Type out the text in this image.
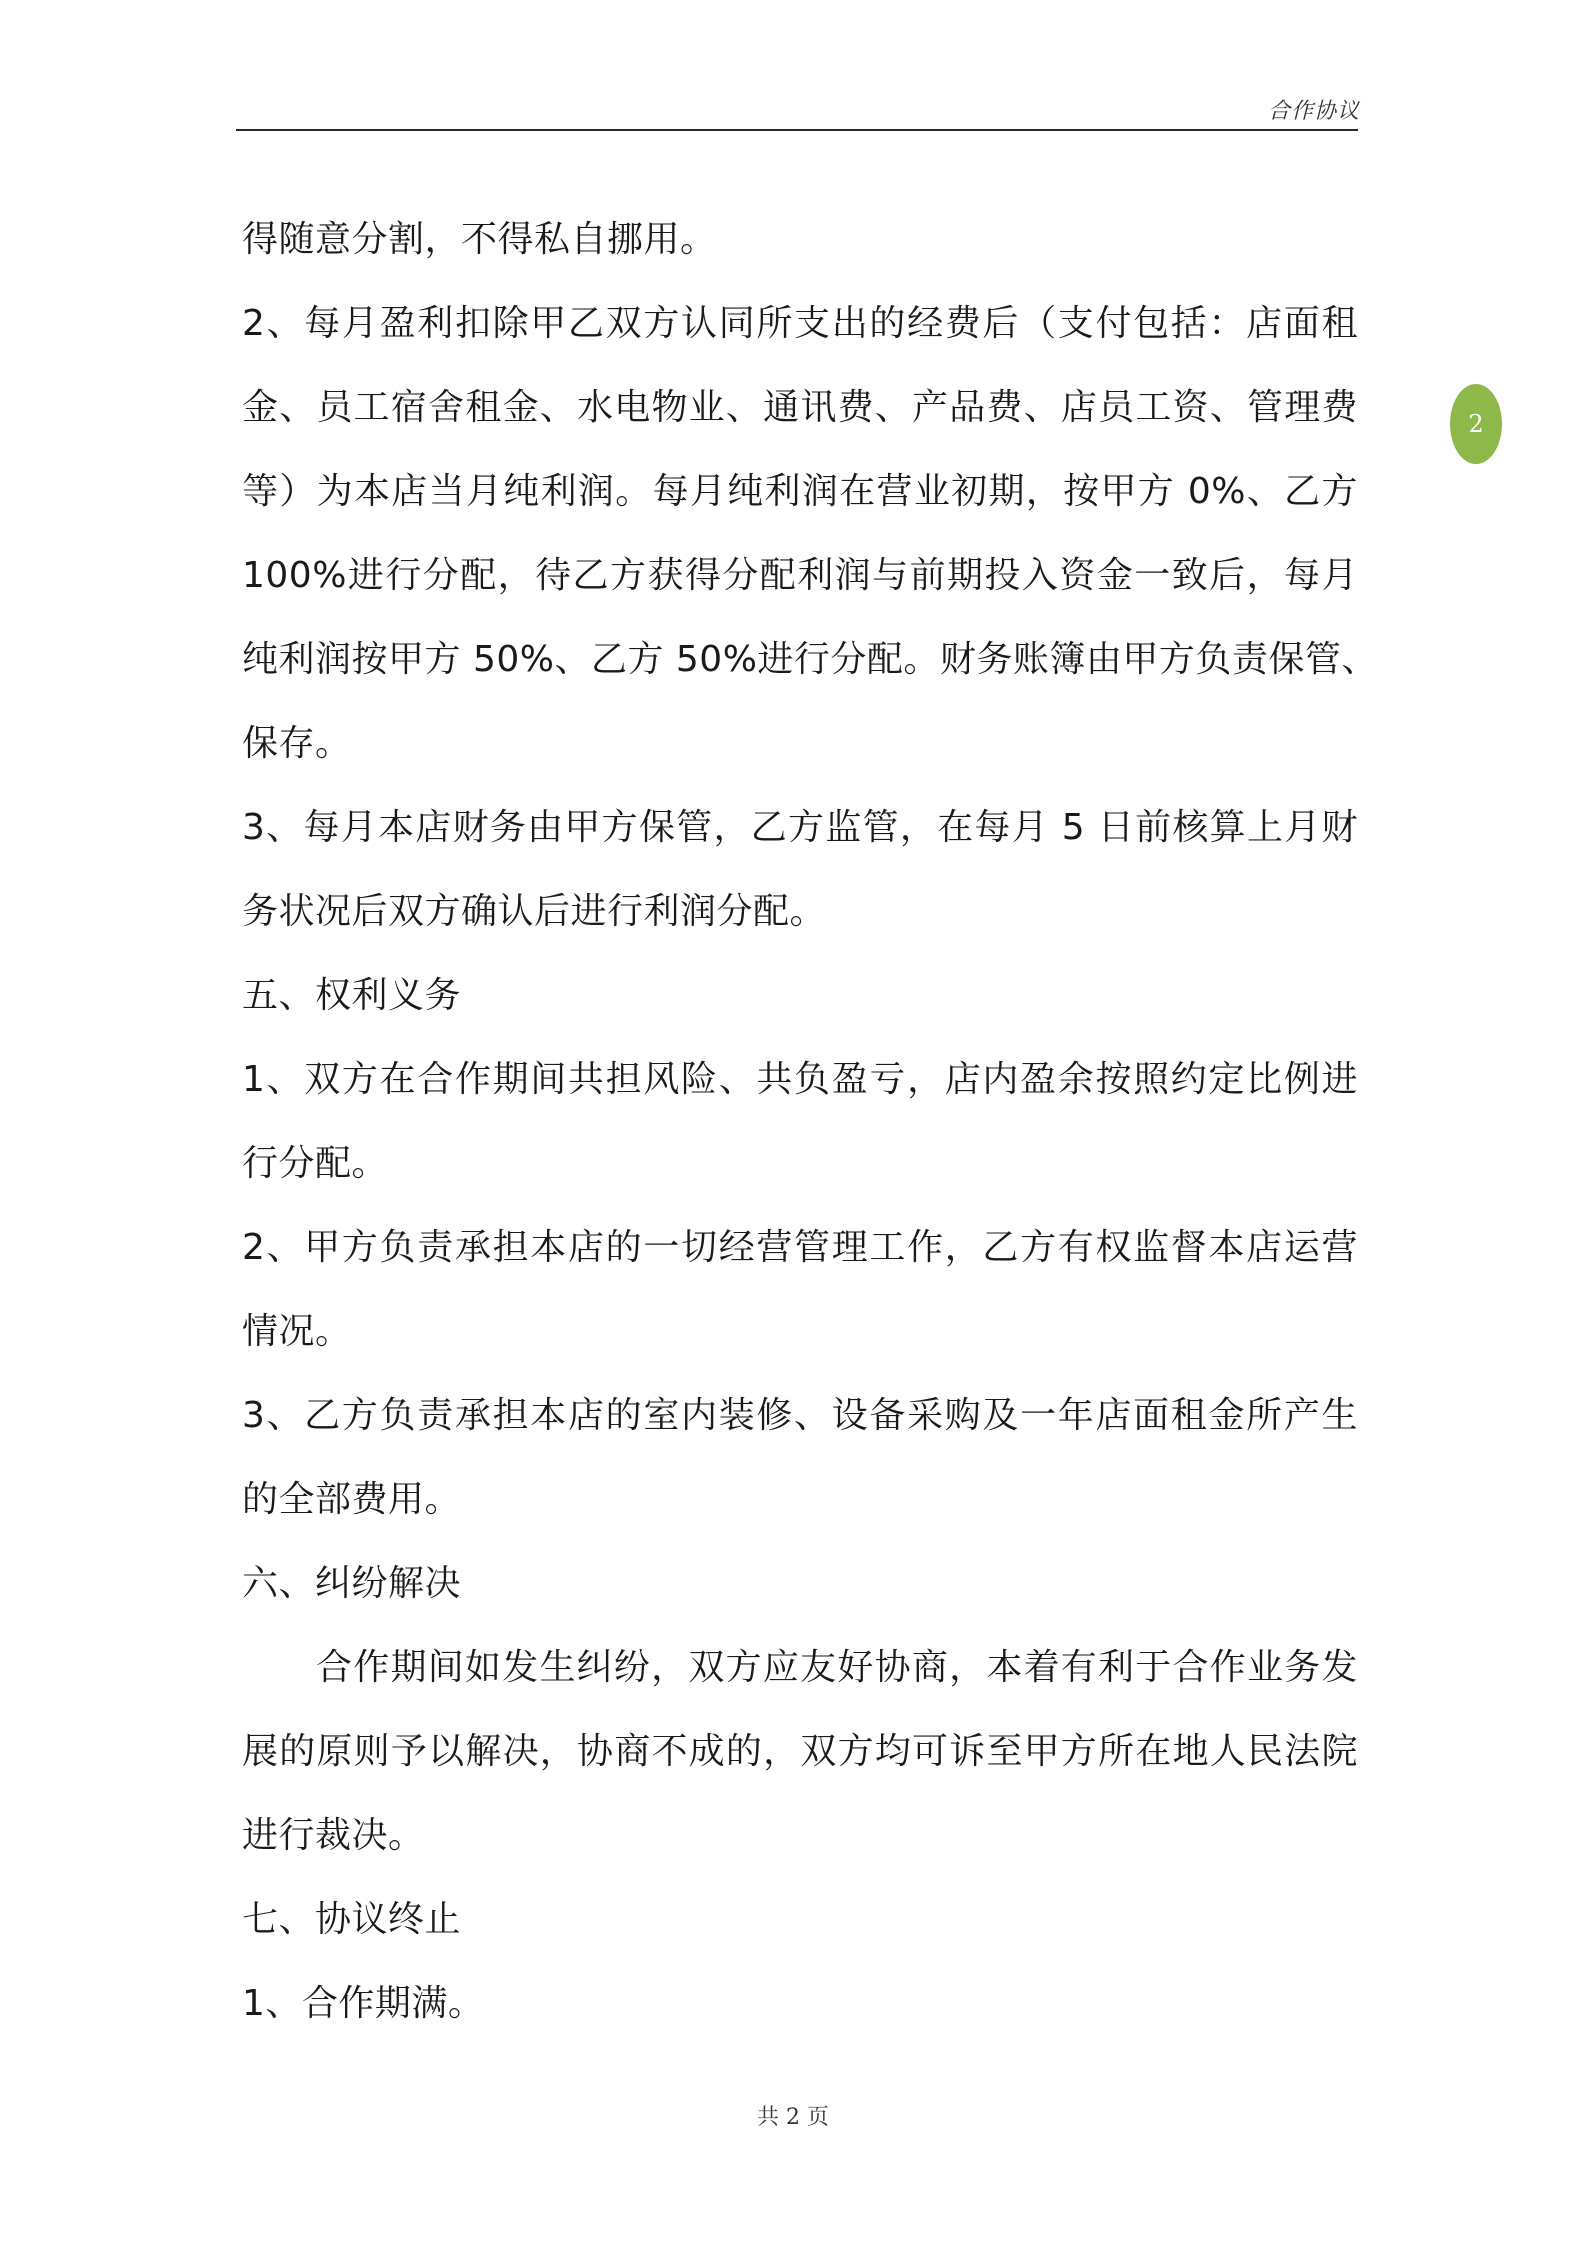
合作协议
2
得随意分割，不得私自挪用。
2、每月盈利扣除甲乙双方认同所支出的经费后（支付包括：店面租
金、员工宿舍租金、水电物业、通讯费、产品费、店员工资、管理费
等）为本店当月纯利润。每月纯利润在营业初期，按甲方 0%、乙方
100%进行分配，待乙方获得分配利润与前期投入资金一致后，每月
纯利润按甲方 50%、乙方 50%进行分配。财务账簿由甲方负责保管、
保存。
3、每月本店财务由甲方保管，乙方监管，在每月 5 日前核算上月财
务状况后双方确认后进行利润分配。
五、权利义务
1、双方在合作期间共担风险、共负盈亏，店内盈余按照约定比例进
行分配。
2、甲方负责承担本店的一切经营管理工作，乙方有权监督本店运营
情况。
3、乙方负责承担本店的室内装修、设备采购及一年店面租金所产生
的全部费用。
六、纠纷解决
合作期间如发生纠纷，双方应友好协商，本着有利于合作业务发
展的原则予以解决，协商不成的，双方均可诉至甲方所在地人民法院
进行裁决。
七、协议终止
1、合作期满。
共 2 页
